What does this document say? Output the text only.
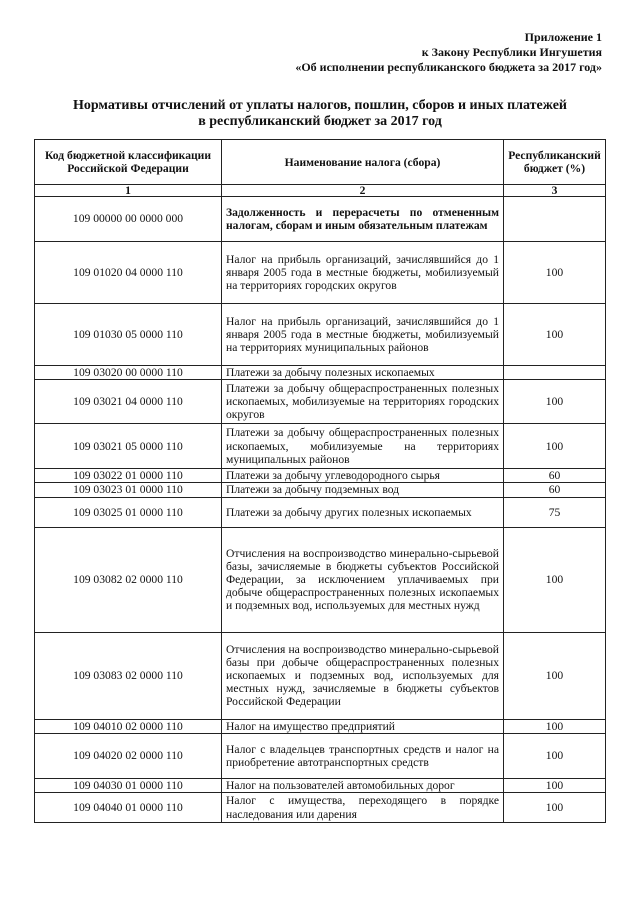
Приложение 1
к Закону Республики Ингушетия
«Об исполнении республиканского бюджета за 2017 год»
Нормативы отчислений от уплаты налогов, пошлин, сборов и иных платежей
в республиканский бюджет за 2017 год
Код бюджетной классификации Российской Федерации	Наименование налога (сбора)	Республиканский бюджет (%)
1	2	3
109 00000 00 0000 000	Задолженность и перерасчеты по отмененным налогам, сборам и иным обязательным платежам	
109 01020 04 0000 110	Налог на прибыль организаций, зачислявшийся до 1 января 2005 года в местные бюджеты, мобилизуемый на территориях городских округов	100
109 01030 05 0000 110	Налог на прибыль организаций, зачислявшийся до 1 января 2005 года в местные бюджеты, мобилизуемый на территориях муниципальных районов	100
109 03020 00 0000 110	Платежи за добычу полезных ископаемых	
109 03021 04 0000 110	Платежи за добычу общераспространенных полезных ископаемых, мобилизуемые на территориях городских округов	100
109 03021 05 0000 110	Платежи за добычу общераспространенных полезных ископаемых, мобилизуемые на территориях муниципальных районов	100
109 03022 01 0000 110	Платежи за добычу углеводородного сырья	60
109 03023 01 0000 110	Платежи за добычу подземных вод	60
109 03025 01 0000 110	Платежи за добычу других полезных ископаемых	75
109 03082 02 0000 110	Отчисления на воспроизводство минерально-сырьевой базы, зачисляемые в бюджеты субъектов Российской Федерации, за исключением уплачиваемых при добыче общераспространенных полезных ископаемых и подземных вод, используемых для местных нужд	100
109 03083 02 0000 110	Отчисления на воспроизводство минерально-сырьевой базы при добыче общераспространенных полезных ископаемых и подземных вод, используемых для местных нужд, зачисляемые в бюджеты субъектов Российской Федерации	100
109 04010 02 0000 110	Налог на имущество предприятий	100
109 04020 02 0000 110	Налог с владельцев транспортных средств и налог на приобретение автотранспортных средств	100
109 04030 01 0000 110	Налог на пользователей автомобильных дорог	100
109 04040 01 0000 110	Налог с имущества, переходящего в порядке наследования или дарения	100
